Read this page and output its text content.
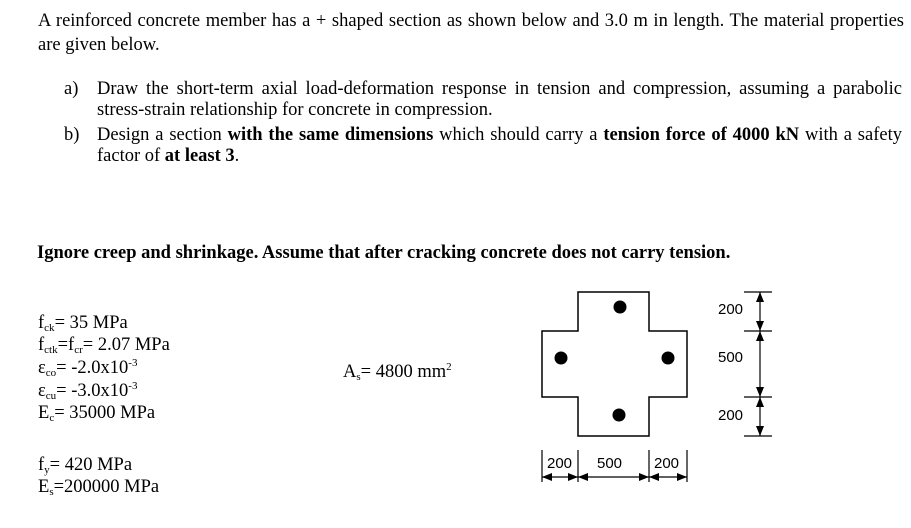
A reinforced concrete member has a + shaped section as shown below and 3.0 m in length. The material properties are given below.
a) Draw the short-term axial load-deformation response in tension and compression, assuming a parabolic stress-strain relationship for concrete in compression.
b) Design a section with the same dimensions which should carry a tension force of 4000 kN with a safety factor of at least 3.
Ignore creep and shrinkage. Assume that after cracking concrete does not carry tension.
$f_{ck}= 35$ MPa
$f_{ctk}=f_{cr}= 2.07$ MPa
$\varepsilon_{co}= -2.0x10^{-3}$
$\varepsilon_{cu}= -3.0x10^{-3}$
$E_c= 35000$ MPa
$A_s= 4800$ $mm^2$
$f_y= 420$ MPa
$E_s=200000$ MPa
200
500
200
200 500 200
